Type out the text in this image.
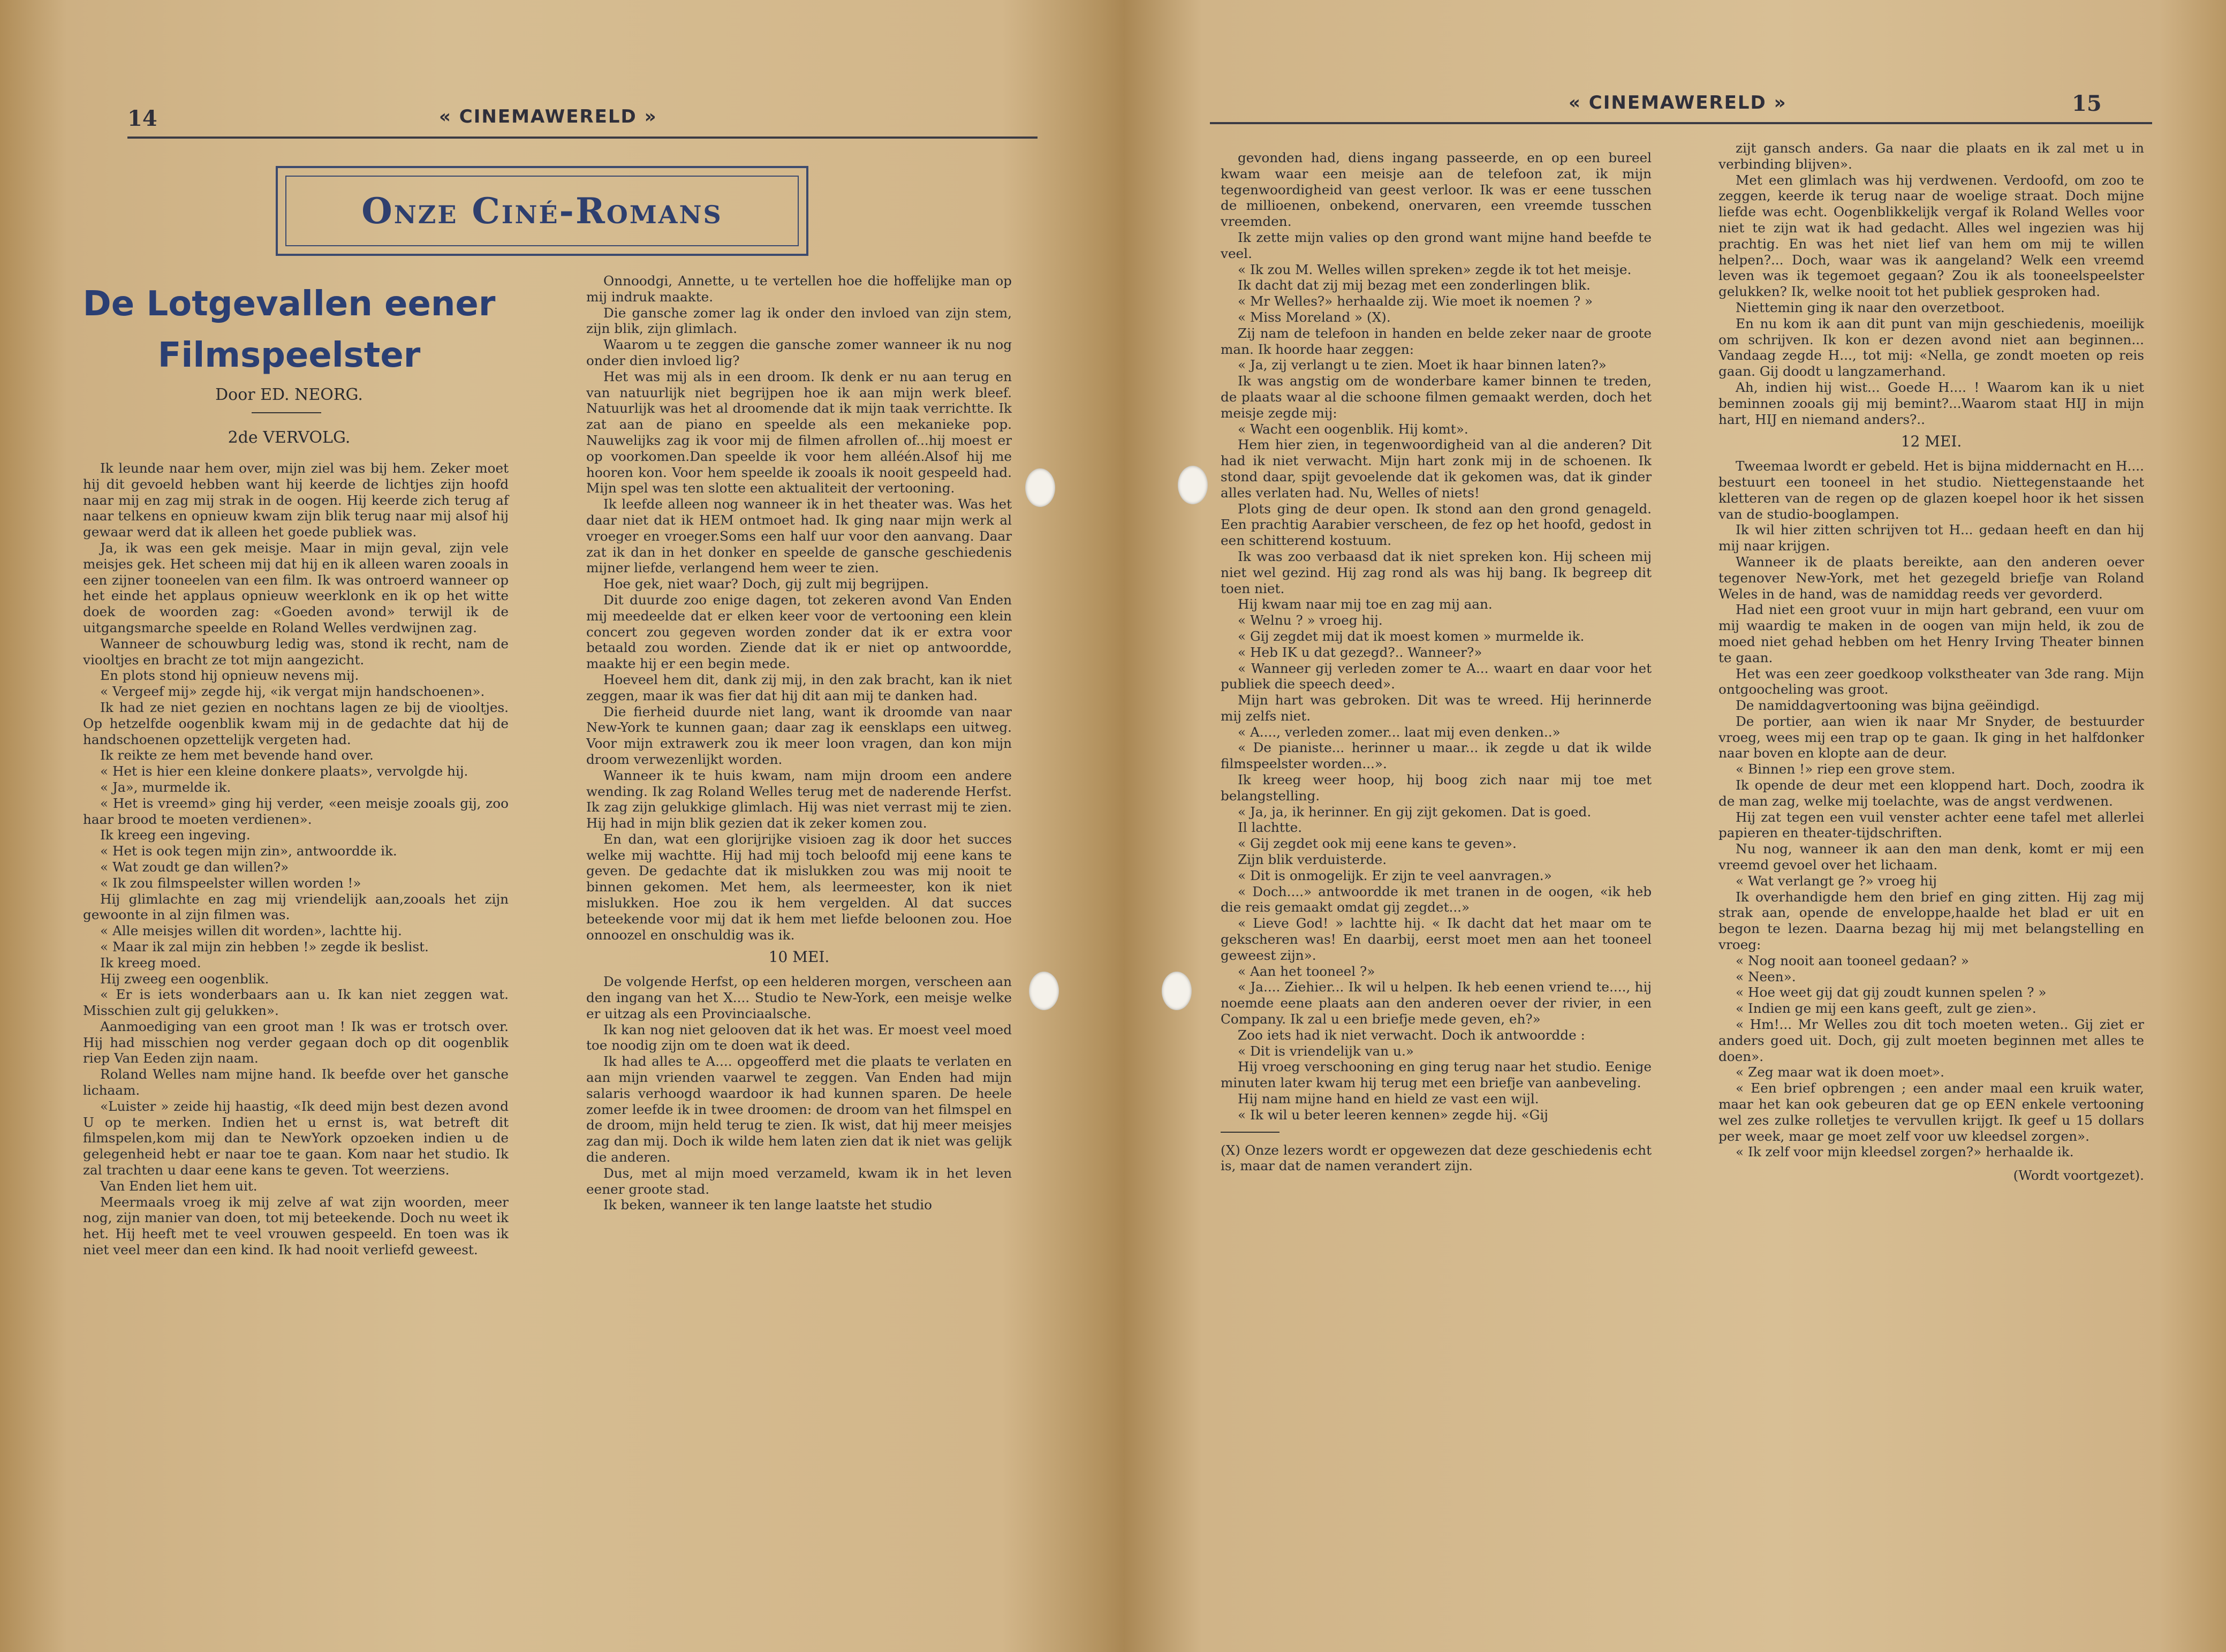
14	« CINEMAWERELD »
Onze Ciné-Romans
De Lotgevallen eener Filmspeelster
Door ED. NEORG.
2de VERVOLG.

Ik leunde naar hem over, mijn ziel was bij hem. Zeker moet hij dit gevoeld hebben want hij keerde de lichtjes zijn hoofd naar mij en zag mij strak in de oogen. Hij keerde zich terug af naar telkens en opnieuw kwam zijn blik terug naar mij alsof hij gewaar werd dat ik alleen het goede publiek was.

Ja, ik was een gek meisje. Maar in mijn geval, zijn vele meisjes gek. Het scheen mij dat hij en ik alleen waren zooals in een zijner tooneelen van een film. Ik was ontroerd wanneer op het einde het applaus opnieuw weerklonk en ik op het witte doek de woorden zag: «Goeden avond» terwijl ik de uitgangsmarche speelde en Roland Welles verdwijnen zag.

Wanneer de schouwburg ledig was, stond ik recht, nam de viooltjes en bracht ze tot mijn aangezicht.

En plots stond hij opnieuw nevens mij.

« Vergeef mij» zegde hij, «ik vergat mijn handschoenen».

Ik had ze niet gezien en nochtans lagen ze bij de viooltjes. Op hetzelfde oogenblik kwam mij in de gedachte dat hij de handschoenen opzettelijk vergeten had.

Ik reikte ze hem met bevende hand over.

« Het is hier een kleine donkere plaats», vervolgde hij.

« Ja», murmelde ik.

« Het is vreemd» ging hij verder, «een meisje zooals gij, zoo haar brood te moeten verdienen».

Ik kreeg een ingeving.

« Het is ook tegen mijn zin», antwoordde ik.

« Wat zoudt ge dan willen?»

« Ik zou filmspeelster willen worden !»

Hij glimlachte en zag mij vriendelijk aan,zooals het zijn gewoonte in al zijn filmen was.

« Alle meisjes willen dit worden», lachtte hij.

« Maar ik zal mijn zin hebben !» zegde ik beslist.

Ik kreeg moed.

Hij zweeg een oogenblik.

« Er is iets wonderbaars aan u. Ik kan niet zeggen wat. Misschien zult gij gelukken».

Aanmoediging van een groot man ! Ik was er trotsch over. Hij had misschien nog verder gegaan doch op dit oogenblik riep Van Eeden zijn naam.

Roland Welles nam mijne hand. Ik beefde over het gansche lichaam.

«Luister » zeide hij haastig, «Ik deed mijn best dezen avond U op te merken. Indien het u ernst is, wat betreft dit filmspelen,kom mij dan te NewYork opzoeken indien u de gelegenheid hebt er naar toe te gaan. Kom naar het studio. Ik zal trachten u daar eene kans te geven. Tot weerziens.

Van Enden liet hem uit.

Meermaals vroeg ik mij zelve af wat zijn woorden, meer nog, zijn manier van doen, tot mij beteekende. Doch nu weet ik het. Hij heeft met te veel vrouwen gespeeld. En toen was ik niet veel meer dan een kind. Ik had nooit verliefd geweest.

Onnoodgi, Annette, u te vertellen hoe die hoffelijke man op mij indruk maakte.

Die gansche zomer lag ik onder den invloed van zijn stem, zijn blik, zijn glimlach.

Waarom u te zeggen die gansche zomer wanneer ik nu nog onder dien invloed lig?

Het was mij als in een droom. Ik denk er nu aan terug en van natuurlijk niet begrijpen hoe ik aan mijn werk bleef. Natuurlijk was het al droomende dat ik mijn taak verrichtte. Ik zat aan de piano en speelde als een mekanieke pop. Nauwelijks zag ik voor mij de filmen afrollen of...hij moest er op voorkomen.Dan speelde ik voor hem alléén.Alsof hij me hooren kon. Voor hem speelde ik zooals ik nooit gespeeld had. Mijn spel was ten slotte een aktualiteit der vertooning.

Ik leefde alleen nog wanneer ik in het theater was. Was het daar niet dat ik HEM ontmoet had. Ik ging naar mijn werk al vroeger en vroeger.Soms een half uur voor den aanvang. Daar zat ik dan in het donker en speelde de gansche geschiedenis mijner liefde, verlangend hem weer te zien.

Hoe gek, niet waar? Doch, gij zult mij begrijpen.

Dit duurde zoo enige dagen, tot zekeren avond Van Enden mij meedeelde dat er elken keer voor de vertooning een klein concert zou gegeven worden zonder dat ik er extra voor betaald zou worden. Ziende dat ik er niet op antwoordde, maakte hij er een begin mede.

Hoeveel hem dit, dank zij mij, in den zak bracht, kan ik niet zeggen, maar ik was fier dat hij dit aan mij te danken had.

Die fierheid duurde niet lang, want ik droomde van naar New-York te kunnen gaan; daar zag ik eensklaps een uitweg. Voor mijn extrawerk zou ik meer loon vragen, dan kon mijn droom verwezenlijkt worden.

Wanneer ik te huis kwam, nam mijn droom een andere wending. Ik zag Roland Welles terug met de naderende Herfst. Ik zag zijn gelukkige glimlach. Hij was niet verrast mij te zien. Hij had in mijn blik gezien dat ik zeker komen zou.

En dan, wat een glorijrijke visioen zag ik door het succes welke mij wachtte. Hij had mij toch beloofd mij eene kans te geven. De gedachte dat ik mislukken zou was mij nooit te binnen gekomen. Met hem, als leermeester, kon ik niet mislukken. Hoe zou ik hem vergelden. Al dat succes beteekende voor mij dat ik hem met liefde beloonen zou. Hoe onnoozel en onschuldig was ik.

10 MEI.

De volgende Herfst, op een helderen morgen, verscheen aan den ingang van het X.... Studio te New-York, een meisje welke er uitzag als een Provinciaalsche.

Ik kan nog niet gelooven dat ik het was. Er moest veel moed toe noodig zijn om te doen wat ik deed.

Ik had alles te A.... opgeofferd met die plaats te verlaten en aan mijn vrienden vaarwel te zeggen. Van Enden had mijn salaris verhoogd waardoor ik had kunnen sparen. De heele zomer leefde ik in twee droomen: de droom van het filmspel en de droom, mijn held terug te zien. Ik wist, dat hij meer meisjes zag dan mij. Doch ik wilde hem laten zien dat ik niet was gelijk die anderen.

Dus, met al mijn moed verzameld, kwam ik in het leven eener groote stad.

Ik beken, wanneer ik ten lange laatste het studio

« CINEMAWERELD »	15

gevonden had, diens ingang passeerde, en op een bureel kwam waar een meisje aan de telefoon zat, ik mijn tegenwoordigheid van geest verloor. Ik was er eene tusschen de millioenen, onbekend, onervaren, een vreemde tusschen vreemden.

Ik zette mijn valies op den grond want mijne hand beefde te veel.

« Ik zou M. Welles willen spreken» zegde ik tot het meisje.

Ik dacht dat zij mij bezag met een zonderlingen blik.

« Mr Welles?» herhaalde zij. Wie moet ik noemen ? »

« Miss Moreland » (X).

Zij nam de telefoon in handen en belde zeker naar de groote man. Ik hoorde haar zeggen:

« Ja, zij verlangt u te zien. Moet ik haar binnen laten?»

Ik was angstig om de wonderbare kamer binnen te treden, de plaats waar al die schoone filmen gemaakt werden, doch het meisje zegde mij:

« Wacht een oogenblik. Hij komt».

Hem hier zien, in tegenwoordigheid van al die anderen? Dit had ik niet verwacht. Mijn hart zonk mij in de schoenen. Ik stond daar, spijt gevoelende dat ik gekomen was, dat ik ginder alles verlaten had. Nu, Welles of niets!

Plots ging de deur open. Ik stond aan den grond genageld. Een prachtig Aarabier verscheen, de fez op het hoofd, gedost in een schitterend kostuum.

Ik was zoo verbaasd dat ik niet spreken kon. Hij scheen mij niet wel gezind. Hij zag rond als was hij bang. Ik begreep dit toen niet.

Hij kwam naar mij toe en zag mij aan.

« Welnu ? » vroeg hij.

« Gij zegdet mij dat ik moest komen » murmelde ik.

« Heb IK u dat gezegd?.. Wanneer?»

« Wanneer gij verleden zomer te A... waart en daar voor het publiek die speech deed».

Mijn hart was gebroken. Dit was te wreed. Hij herinnerde mij zelfs niet.

« A...., verleden zomer... laat mij even denken..»

« De pianiste... herinner u maar... ik zegde u dat ik wilde filmspeelster worden...».

Ik kreeg weer hoop, hij boog zich naar mij toe met belangstelling.

« Ja, ja, ik herinner. En gij zijt gekomen. Dat is goed.

Il lachtte.

« Gij zegdet ook mij eene kans te geven».

Zijn blik verduisterde.

« Dit is onmogelijk. Er zijn te veel aanvragen.»

« Doch....» antwoordde ik met tranen in de oogen, «ik heb die reis gemaakt omdat gij zegdet...»

« Lieve God! » lachtte hij. « Ik dacht dat het maar om te gekscheren was! En daarbij, eerst moet men aan het tooneel geweest zijn».

« Aan het tooneel ?»

« Ja.... Ziehier... Ik wil u helpen. Ik heb eenen vriend te...., hij noemde eene plaats aan den anderen oever der rivier, in een Company. Ik zal u een briefje mede geven, eh?»

Zoo iets had ik niet verwacht. Doch ik antwoordde :

« Dit is vriendelijk van u.»

Hij vroeg verschooning en ging terug naar het studio. Eenige minuten later kwam hij terug met een briefje van aanbeveling.

Hij nam mijne hand en hield ze vast een wijl.

« Ik wil u beter leeren kennen» zegde hij. «Gij

(X) Onze lezers wordt er opgewezen dat deze geschiedenis echt is, maar dat de namen verandert zijn.

zijt gansch anders. Ga naar die plaats en ik zal met u in verbinding blijven».

Met een glimlach was hij verdwenen. Verdoofd, om zoo te zeggen, keerde ik terug naar de woelige straat. Doch mijne liefde was echt. Oogenblikkelijk vergaf ik Roland Welles voor niet te zijn wat ik had gedacht. Alles wel ingezien was hij prachtig. En was het niet lief van hem om mij te willen helpen?... Doch, waar was ik aangeland? Welk een vreemd leven was ik tegemoet gegaan? Zou ik als tooneelspeelster gelukken? Ik, welke nooit tot het publiek gesproken had.

Niettemin ging ik naar den overzetboot.

En nu kom ik aan dit punt van mijn geschiedenis, moeilijk om schrijven. Ik kon er dezen avond niet aan beginnen... Vandaag zegde H..., tot mij: «Nella, ge zondt moeten op reis gaan. Gij doodt u langzamerhand.

Ah, indien hij wist... Goede H.... ! Waarom kan ik u niet beminnen zooals gij mij bemint?...Waarom staat HIJ in mijn hart, HIJ en niemand anders?..

12 MEI.

Tweemaa lwordt er gebeld. Het is bijna middernacht en H.... bestuurt een tooneel in het studio. Niettegenstaande het kletteren van de regen op de glazen koepel hoor ik het sissen van de studio-booglampen.

Ik wil hier zitten schrijven tot H... gedaan heeft en dan hij mij naar krijgen.

Wanneer ik de plaats bereikte, aan den anderen oever tegenover New-York, met het gezegeld briefje van Roland Weles in de hand, was de namiddag reeds ver gevorderd.

Had niet een groot vuur in mijn hart gebrand, een vuur om mij waardig te maken in de oogen van mijn held, ik zou de moed niet gehad hebben om het Henry Irving Theater binnen te gaan.

Het was een zeer goedkoop volkstheater van 3de rang. Mijn ontgoocheling was groot.

De namiddagvertooning was bijna geëindigd.

De portier, aan wien ik naar Mr Snyder, de bestuurder vroeg, wees mij een trap op te gaan. Ik ging in het halfdonker naar boven en klopte aan de deur.

« Binnen !» riep een grove stem.

Ik opende de deur met een kloppend hart. Doch, zoodra ik de man zag, welke mij toelachte, was de angst verdwenen.

Hij zat tegen een vuil venster achter eene tafel met allerlei papieren en theater-tijdschriften.

Nu nog, wanneer ik aan den man denk, komt er mij een vreemd gevoel over het lichaam.

« Wat verlangt ge ?» vroeg hij

Ik overhandigde hem den brief en ging zitten. Hij zag mij strak aan, opende de enveloppe,haalde het blad er uit en begon te lezen. Daarna bezag hij mij met belangstelling en vroeg:

« Nog nooit aan tooneel gedaan? »

« Neen».

« Hoe weet gij dat gij zoudt kunnen spelen ? »

« Indien ge mij een kans geeft, zult ge zien».

« Hm!... Mr Welles zou dit toch moeten weten.. Gij ziet er anders goed uit. Doch, gij zult moeten beginnen met alles te doen».

« Zeg maar wat ik doen moet».

« Een brief opbrengen ; een ander maal een kruik water, maar het kan ook gebeuren dat ge op EEN enkele vertooning wel zes zulke rolletjes te vervullen krijgt. Ik geef u 15 dollars per week, maar ge moet zelf voor uw kleedsel zorgen».

« Ik zelf voor mijn kleedsel zorgen?» herhaalde ik.

(Wordt voortgezet).
